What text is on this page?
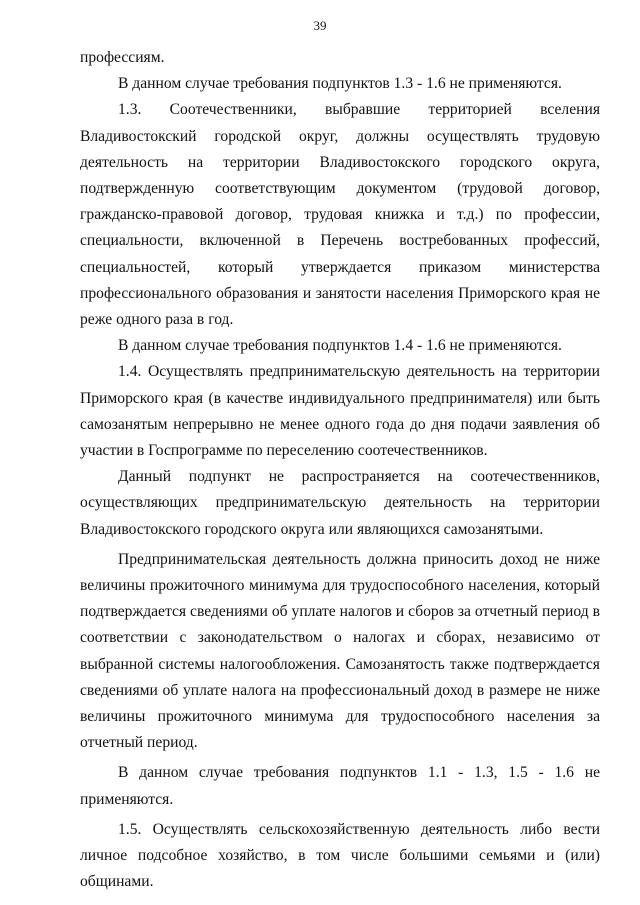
39

профессиям.

В данном случае требования подпунктов 1.3 - 1.6 не применяются.

1.3. Соотечественники, выбравшие территорией вселения Владивостокский городской округ, должны осуществлять трудовую деятельность на территории Владивостокского городского округа, подтвержденную соответствующим документом (трудовой договор, гражданско-правовой договор, трудовая книжка и т.д.) по профессии, специальности, включенной в Перечень востребованных профессий, специальностей, который утверждается приказом министерства профессионального образования и занятости населения Приморского края не реже одного раза в год.

В данном случае требования подпунктов 1.4 - 1.6 не применяются.

1.4. Осуществлять предпринимательскую деятельность на территории Приморского края (в качестве индивидуального предпринимателя) или быть самозанятым непрерывно не менее одного года до дня подачи заявления об участии в Госпрограмме по переселению соотечественников.

Данный подпункт не распространяется на соотечественников, осуществляющих предпринимательскую деятельность на территории Владивостокского городского округа или являющихся самозанятыми.

Предпринимательская деятельность должна приносить доход не ниже величины прожиточного минимума для трудоспособного населения, который подтверждается сведениями об уплате налогов и сборов за отчетный период в соответствии с законодательством о налогах и сборах, независимо от выбранной системы налогообложения. Самозанятость также подтверждается сведениями об уплате налога на профессиональный доход в размере не ниже величины прожиточного минимума для трудоспособного населения за отчетный период.

В данном случае требования подпунктов 1.1 - 1.3, 1.5 - 1.6 не применяются.

1.5. Осуществлять сельскохозяйственную деятельность либо вести личное подсобное хозяйство, в том числе большими семьями и (или) общинами.
